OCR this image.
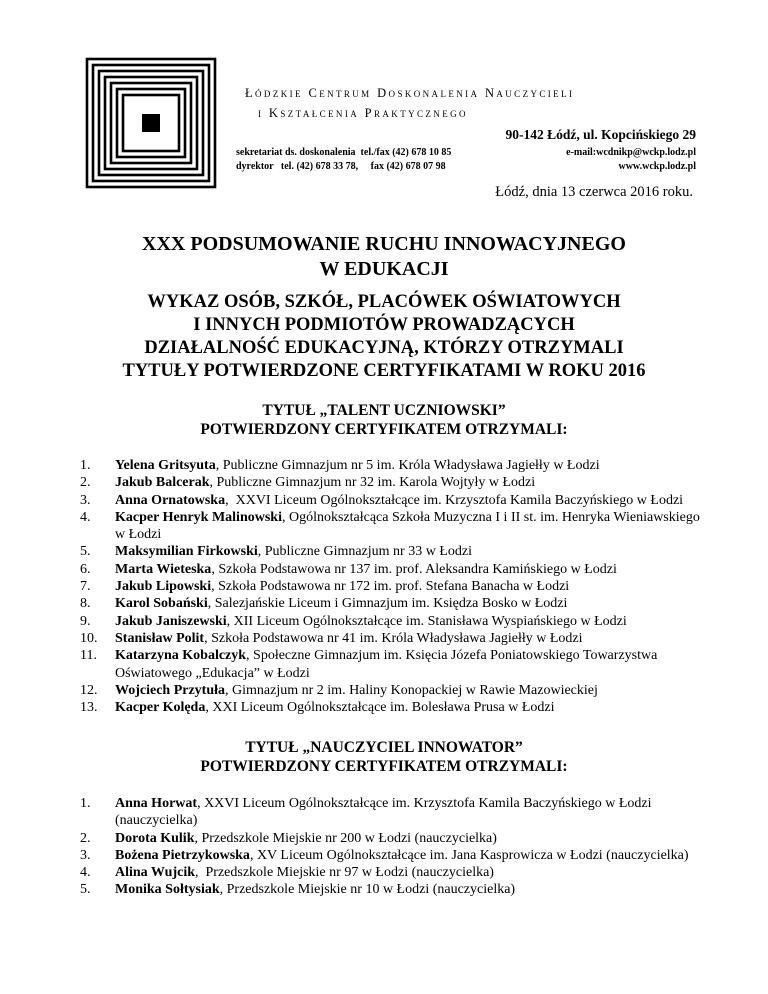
Łódzkie Centrum Doskonalenia Nauczycieli
i Kształcenia Praktycznego
90-142 Łódź, ul. Kopcińskiego 29
sekretariat ds. doskonalenia  tel./fax (42) 678 10 85
dyrektor   tel. (42) 678 33 78,     fax (42) 678 07 98
e-mail:wcdnikp@wckp.lodz.pl
www.wckp.lodz.pl
Łódź, dnia 13 czerwca 2016 roku.
XXX PODSUMOWANIE RUCHU INNOWACYJNEGO
W EDUKACJI
WYKAZ OSÓB, SZKÓŁ, PLACÓWEK OŚWIATOWYCH
I INNYCH PODMIOTÓW PROWADZĄCYCH
DZIAŁALNOŚĆ EDUKACYJNĄ, KTÓRZY OTRZYMALI
TYTUŁY POTWIERDZONE CERTYFIKATAMI W ROKU 2016
TYTUŁ „TALENT UCZNIOWSKI”
POTWIERDZONY CERTYFIKATEM OTRZYMALI:
1.	Yelena Gritsyuta, Publiczne Gimnazjum nr 5 im. Króla Władysława Jagiełły w Łodzi
2.	Jakub Balcerak, Publiczne Gimnazjum nr 32 im. Karola Wojtyły w Łodzi
3.	Anna Ornatowska,  XXVI Liceum Ogólnokształcące im. Krzysztofa Kamila Baczyńskiego w Łodzi
4.	Kacper Henryk Malinowski, Ogólnokształcąca Szkoła Muzyczna I i II st. im. Henryka Wieniawskiego w Łodzi
5.	Maksymilian Firkowski, Publiczne Gimnazjum nr 33 w Łodzi
6.	Marta Wieteska, Szkoła Podstawowa nr 137 im. prof. Aleksandra Kamińskiego w Łodzi
7.	Jakub Lipowski, Szkoła Podstawowa nr 172 im. prof. Stefana Banacha w Łodzi
8.	Karol Sobański, Salezjańskie Liceum i Gimnazjum im. Księdza Bosko w Łodzi
9.	Jakub Janiszewski, XII Liceum Ogólnokształcące im. Stanisława Wyspiańskiego w Łodzi
10.	Stanisław Polit, Szkoła Podstawowa nr 41 im. Króla Władysława Jagiełły w Łodzi
11.	Katarzyna Kobalczyk, Społeczne Gimnazjum im. Księcia Józefa Poniatowskiego Towarzystwa Oświatowego „Edukacja” w Łodzi
12.	Wojciech Przytuła, Gimnazjum nr 2 im. Haliny Konopackiej w Rawie Mazowieckiej
13.	Kacper Kolęda, XXI Liceum Ogólnokształcące im. Bolesława Prusa w Łodzi
TYTUŁ „NAUCZYCIEL INNOWATOR”
POTWIERDZONY CERTYFIKATEM OTRZYMALI:
1.	Anna Horwat, XXVI Liceum Ogólnokształcące im. Krzysztofa Kamila Baczyńskiego w Łodzi (nauczycielka)
2.	Dorota Kulik, Przedszkole Miejskie nr 200 w Łodzi (nauczycielka)
3.	Bożena Pietrzykowska, XV Liceum Ogólnokształcące im. Jana Kasprowicza w Łodzi (nauczycielka)
4.	Alina Wujcik,  Przedszkole Miejskie nr 97 w Łodzi (nauczycielka)
5.	Monika Sołtysiak, Przedszkole Miejskie nr 10 w Łodzi (nauczycielka)
